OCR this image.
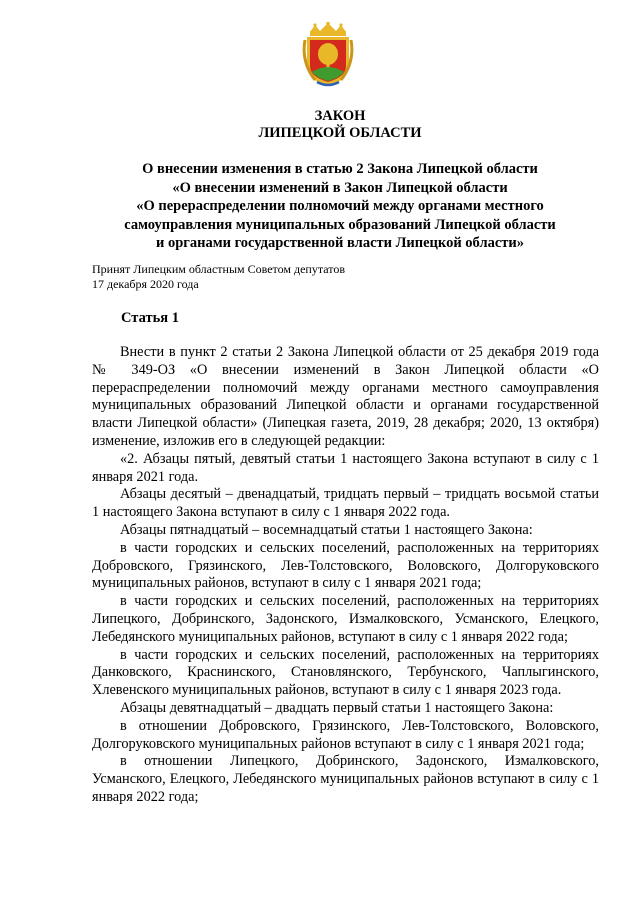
ЗАКОН
ЛИПЕЦКОЙ ОБЛАСТИ
О внесении изменения в статью 2 Закона Липецкой области
«О внесении изменений в Закон Липецкой области
«О перераспределении полномочий между органами местного
самоуправления муниципальных образований Липецкой области
и органами государственной власти Липецкой области»
Принят Липецким областным Советом депутатов
17 декабря 2020 года
Статья 1

Внести в пункт 2 статьи 2 Закона Липецкой области от 25 декабря 2019 года № 349-ОЗ «О внесении изменений в Закон Липецкой области «О перераспределении полномочий между органами местного самоуправления муниципальных образований Липецкой области и органами государственной власти Липецкой области» (Липецкая газета, 2019, 28 декабря; 2020, 13 октября) изменение, изложив его в следующей редакции:

«2. Абзацы пятый, девятый статьи 1 настоящего Закона вступают в силу с 1 января 2021 года.

Абзацы десятый – двенадцатый, тридцать первый – тридцать восьмой статьи 1 настоящего Закона вступают в силу с 1 января 2022 года.

Абзацы пятнадцатый – восемнадцатый статьи 1 настоящего Закона:

в части городских и сельских поселений, расположенных на территориях Добровского, Грязинского, Лев-Толстовского, Воловского, Долгоруковского муниципальных районов, вступают в силу с 1 января 2021 года;

в части городских и сельских поселений, расположенных на территориях Липецкого, Добринского, Задонского, Измалковского, Усманского, Елецкого, Лебедянского муниципальных районов, вступают в силу с 1 января 2022 года;

в части городских и сельских поселений, расположенных на территориях Данковского, Краснинского, Становлянского, Тербунского, Чаплыгинского, Хлевенского муниципальных районов, вступают в силу с 1 января 2023 года.

Абзацы девятнадцатый – двадцать первый статьи 1 настоящего Закона:

в отношении Добровского, Грязинского, Лев-Толстовского, Воловского, Долгоруковского муниципальных районов вступают в силу с 1 января 2021 года;

в отношении Липецкого, Добринского, Задонского, Измалковского, Усманского, Елецкого, Лебедянского муниципальных районов вступают в силу с 1 января 2022 года;
